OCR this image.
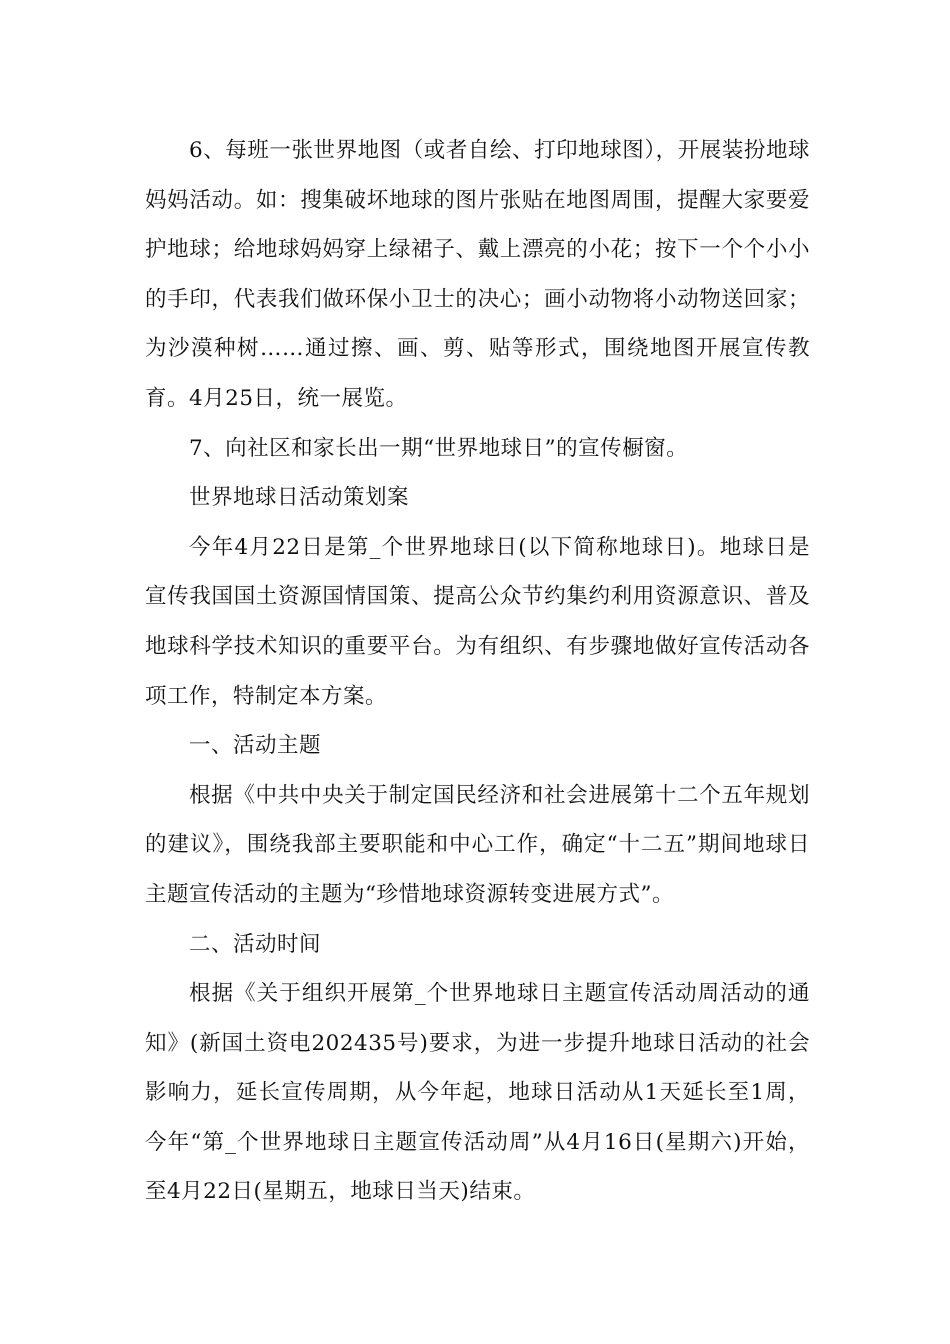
6、每班一张世界地图（或者自绘、打印地球图），开展装扮地球妈妈活动。如：搜集破坏地球的图片张贴在地图周围，提醒大家要爱护地球；给地球妈妈穿上绿裙子、戴上漂亮的小花；按下一个个小小的手印，代表我们做环保小卫士的决心；画小动物将小动物送回家；为沙漠种树……通过擦、画、剪、贴等形式，围绕地图开展宣传教育。4月25日，统一展览。

7、向社区和家长出一期“世界地球日”的宣传橱窗。

世界地球日活动策划案

今年4月22日是第_个世界地球日(以下简称地球日)。地球日是宣传我国国土资源国情国策、提高公众节约集约利用资源意识、普及地球科学技术知识的重要平台。为有组织、有步骤地做好宣传活动各项工作，特制定本方案。

一、活动主题

根据《中共中央关于制定国民经济和社会进展第十二个五年规划的建议》，围绕我部主要职能和中心工作，确定“十二五”期间地球日主题宣传活动的主题为“珍惜地球资源转变进展方式”。

二、活动时间

根据《关于组织开展第_个世界地球日主题宣传活动周活动的通知》(新国土资电202435号)要求，为进一步提升地球日活动的社会影响力，延长宣传周期，从今年起，地球日活动从1天延长至1周，今年“第_个世界地球日主题宣传活动周”从4月16日(星期六)开始，至4月22日(星期五，地球日当天)结束。
